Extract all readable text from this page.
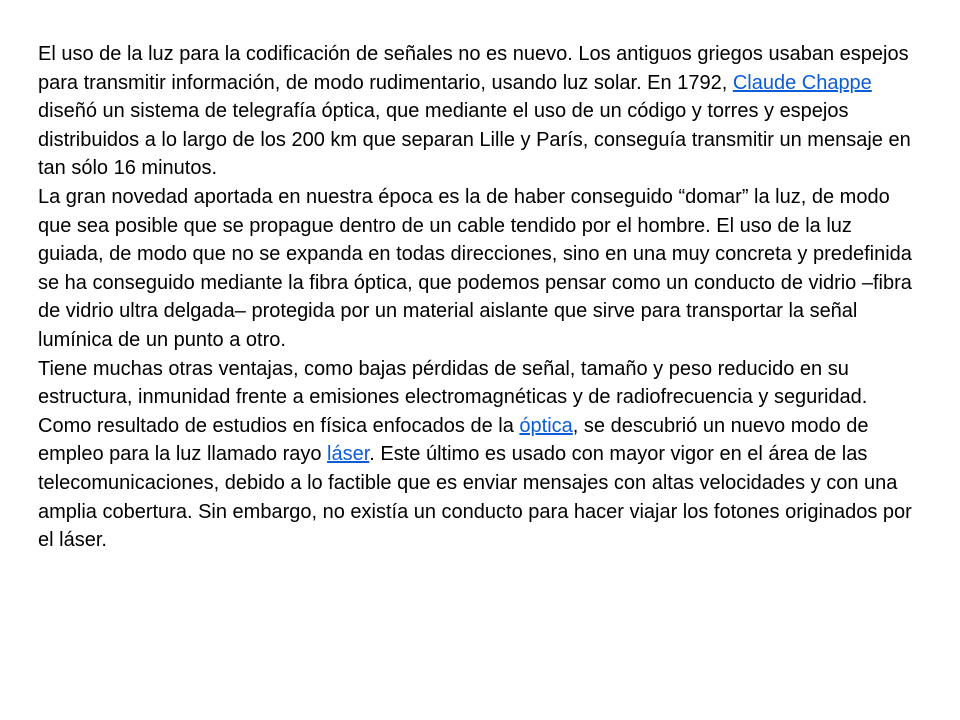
El uso de la luz para la codificación de señales no es nuevo. Los antiguos griegos usaban espejos para transmitir información, de modo rudimentario, usando luz solar. En 1792, Claude Chappe diseñó un sistema de telegrafía óptica, que mediante el uso de un código y torres y espejos distribuidos a lo largo de los 200 km que separan Lille y París, conseguía transmitir un mensaje en tan sólo 16 minutos.

La gran novedad aportada en nuestra época es la de haber conseguido “domar” la luz, de modo que sea posible que se propague dentro de un cable tendido por el hombre. El uso de la luz guiada, de modo que no se expanda en todas direcciones, sino en una muy concreta y predefinida se ha conseguido mediante la fibra óptica, que podemos pensar como un conducto de vidrio –fibra de vidrio ultra delgada– protegida por un material aislante que sirve para transportar la señal lumínica de un punto a otro.

Tiene muchas otras ventajas, como bajas pérdidas de señal, tamaño y peso reducido en su estructura, inmunidad frente a emisiones electromagnéticas y de radiofrecuencia y seguridad.

Como resultado de estudios en física enfocados de la óptica, se descubrió un nuevo modo de empleo para la luz llamado rayo láser. Este último es usado con mayor vigor en el área de las telecomunicaciones, debido a lo factible que es enviar mensajes con altas velocidades y con una amplia cobertura. Sin embargo, no existía un conducto para hacer viajar los fotones originados por el láser.
